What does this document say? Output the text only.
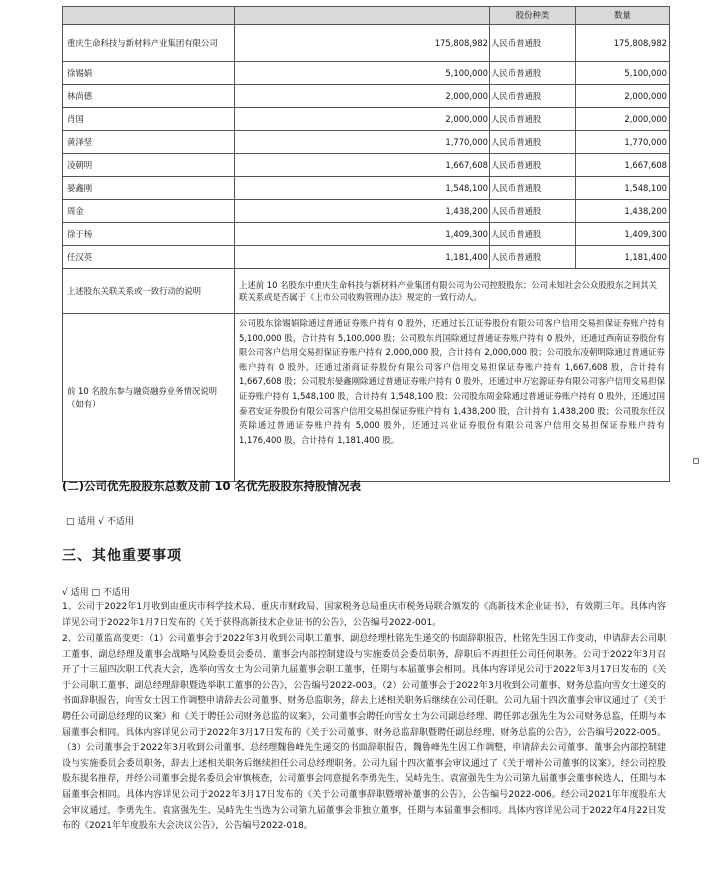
		股份种类	数量
重庆生命科技与新材料产业集团有限公司	175,808,982	人民币普通股	175,808,982
徐锡娟	5,100,000	人民币普通股	5,100,000
林尚德	2,000,000	人民币普通股	2,000,000
肖国	2,000,000	人民币普通股	2,000,000
黄泽坚	1,770,000	人民币普通股	1,770,000
凌朝明	1,667,608	人民币普通股	1,667,608
晏鑫刚	1,548,100	人民币普通股	1,548,100
周金	1,438,200	人民币普通股	1,438,200
徐于杨	1,409,300	人民币普通股	1,409,300
任汉英	1,181,400	人民币普通股	1,181,400
上述股东关联关系或一致行动的说明	上述前 10 名股东中重庆生命科技与新材料产业集团有限公司为公司控股股东；公司未知社会公众股股东之间其关联关系或是否属于《上市公司收购管理办法》规定的一致行动人。		
前 10 名股东参与融资融券业务情况说明（如有）	公司股东徐锡娟除通过普通证券账户持有 0 股外，还通过长江证券股份有限公司客户信用交易担保证券账户持有 5,100,000 股，合计持有 5,100,000 股；公司股东肖国除通过普通证券账户持有 0 股外，还通过西南证券股份有限公司客户信用交易担保证券账户持有 2,000,000 股，合计持有 2,000,000 股；公司股东凌朝明除通过普通证券账户持有 0 股外，还通过浙商证券股份有限公司客户信用交易担保证券账户持有 1,667,608 股，合计持有 1,667,608 股；公司股东晏鑫刚除通过普通证券账户持有 0 股外，还通过申万宏源证券有限公司客户信用交易担保证券账户持有 1,548,100 股，合计持有 1,548,100 股；公司股东周金除通过普通证券账户持有 0 股外，还通过国泰君安证券股份有限公司客户信用交易担保证券账户持有 1,438,200 股，合计持有 1,438,200 股；公司股东任汉英除通过普通证券账户持有 5,000 股外，还通过兴业证券股份有限公司客户信用交易担保证券账户持有 1,176,400 股，合计持有 1,181,400 股。		
(二)公司优先股股东总数及前 10 名优先股股东持股情况表
□ 适用 √ 不适用
三、其他重要事项
√ 适用 □ 不适用
1、公司于2022年1月收到由重庆市科学技术局、重庆市财政局、国家税务总局重庆市税务局联合颁发的《高新技术企业证书》，有效期三年。具体内容详见公司于2022年1月7日发布的《关于获得高新技术企业证书的公告》，公告编号2022-001。
2、公司董监高变更：（1）公司董事会于2022年3月收到公司职工董事、副总经理杜铭先生递交的书面辞职报告，杜铭先生因工作变动，申请辞去公司职工董事、副总经理及董事会战略与风险委员会委员、董事会内部控制建设与实施委员会委员职务，辞职后不再担任公司任何职务。公司于2022年3月召开了十三届四次职工代表大会，选举向雪女士为公司第九届董事会职工董事，任期与本届董事会相同。具体内容详见公司于2022年3月17日发布的《关于公司职工董事、副总经理辞职暨选举职工董事的公告》，公告编号2022-003。（2）公司董事会于2022年3月收到公司董事、财务总监向雪女士递交的书面辞职报告，向雪女士因工作调整申请辞去公司董事、财务总监职务，辞去上述相关职务后继续在公司任职。公司九届十四次董事会审议通过了《关于聘任公司副总经理的议案》和《关于聘任公司财务总监的议案》，公司董事会聘任向雪女士为公司副总经理、聘任郭志强先生为公司财务总监，任期与本届董事会相同。具体内容详见公司于2022年3月17日发布的《关于公司董事、财务总监辞职暨聘任副总经理、财务总监的公告》，公告编号2022-005。（3）公司董事会于2022年3月收到公司董事、总经理魏鲁峰先生递交的书面辞职报告，魏鲁峰先生因工作调整，申请辞去公司董事、董事会内部控制建设与实施委员会委员职务，辞去上述相关职务后继续担任公司总经理职务。公司九届十四次董事会审议通过了《关于增补公司董事的议案》，经公司控股股东提名推荐，并经公司董事会提名委员会审慎核查，公司董事会同意提名李勇先生、吴峙先生、袁富强先生为公司第九届董事会董事候选人，任期与本届董事会相同。具体内容详见公司于2022年3月17日发布的《关于公司董事辞职暨增补董事的公告》，公告编号2022-006。经公司2021年年度股东大会审议通过，李勇先生、袁富强先生、吴峙先生当选为公司第九届董事会非独立董事，任期与本届董事会相同。具体内容详见公司于2022年4月22日发布的《2021年年度股东大会决议公告》，公告编号2022-018。
